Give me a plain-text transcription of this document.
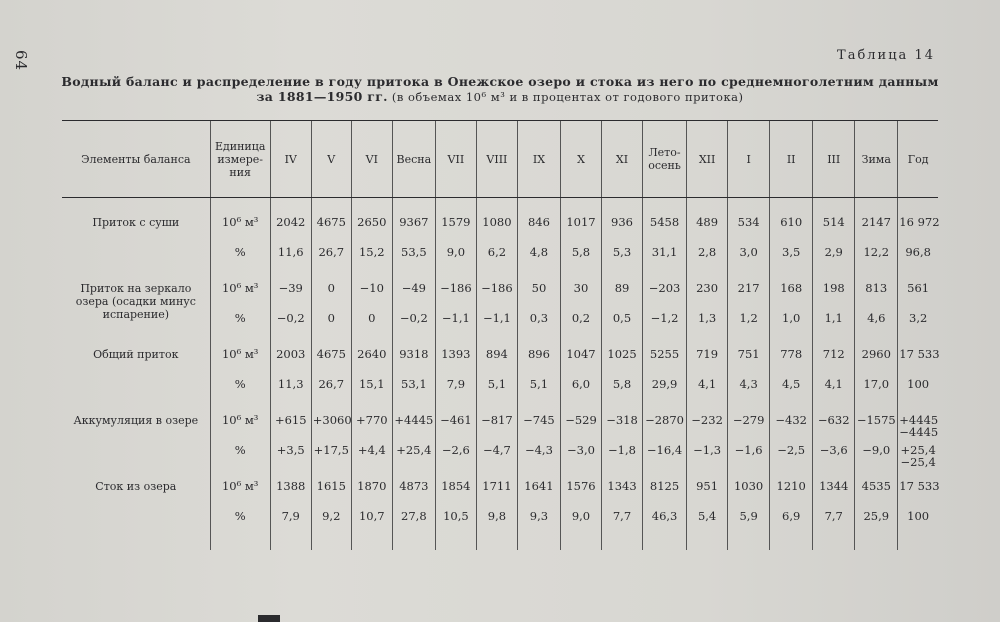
64	Таблица 14
Водный баланс и распределение в году притока в Онежское озеро и стока из него по среднемноголетним данным
за 1881—1950 гг. (в объемах 10⁶ м³ и в процентах от годового притока)
Элементы баланса	Единица измере-ния	IV	V	VI	Весна	VII	VIII	IX	X	XI	Лето-осень	XII	I	II	III	Зима	Год

Приток с суши	10⁶ м³	2042	4675	2650	9367	1579	1080	846	1017	936	5458	489	534	610	514	2147	16 972
	%	11,6	26,7	15,2	53,5	9,0	6,2	4,8	5,8	5,3	31,1	2,8	3,0	3,5	2,9	12,2	96,8
Приток на зеркало озера (осадки минус испарение)	10⁶ м³	−39	0	−10	−49	−186	−186	50	30	89	−203	230	217	168	198	813	561
	%	−0,2	0	0	−0,2	−1,1	−1,1	0,3	0,2	0,5	−1,2	1,3	1,2	1,0	1,1	4,6	3,2
Общий приток	10⁶ м³	2003	4675	2640	9318	1393	894	896	1047	1025	5255	719	751	778	712	2960	17 533
	%	11,3	26,7	15,1	53,1	7,9	5,1	5,1	6,0	5,8	29,9	4,1	4,3	4,5	4,1	17,0	100
Аккумуляция в озере	10⁶ м³	+615	+3060	+770	+4445	−461	−817	−745	−529	−318	−2870	−232	−279	−432	−632	−1575	+4445
−4445

	%	+3,5	+17,5	+4,4	+25,4	−2,6	−4,7	−4,3	−3,0	−1,8	−16,4	−1,3	−1,6	−2,5	−3,6	−9,0	+25,4
−25,4

Сток из озера	10⁶ м³	1388	1615	1870	4873	1854	1711	1641	1576	1343	8125	951	1030	1210	1344	4535	17 533
	%	7,9	9,2	10,7	27,8	10,5	9,8	9,3	9,0	7,7	46,3	5,4	5,9	6,9	7,7	25,9	100
